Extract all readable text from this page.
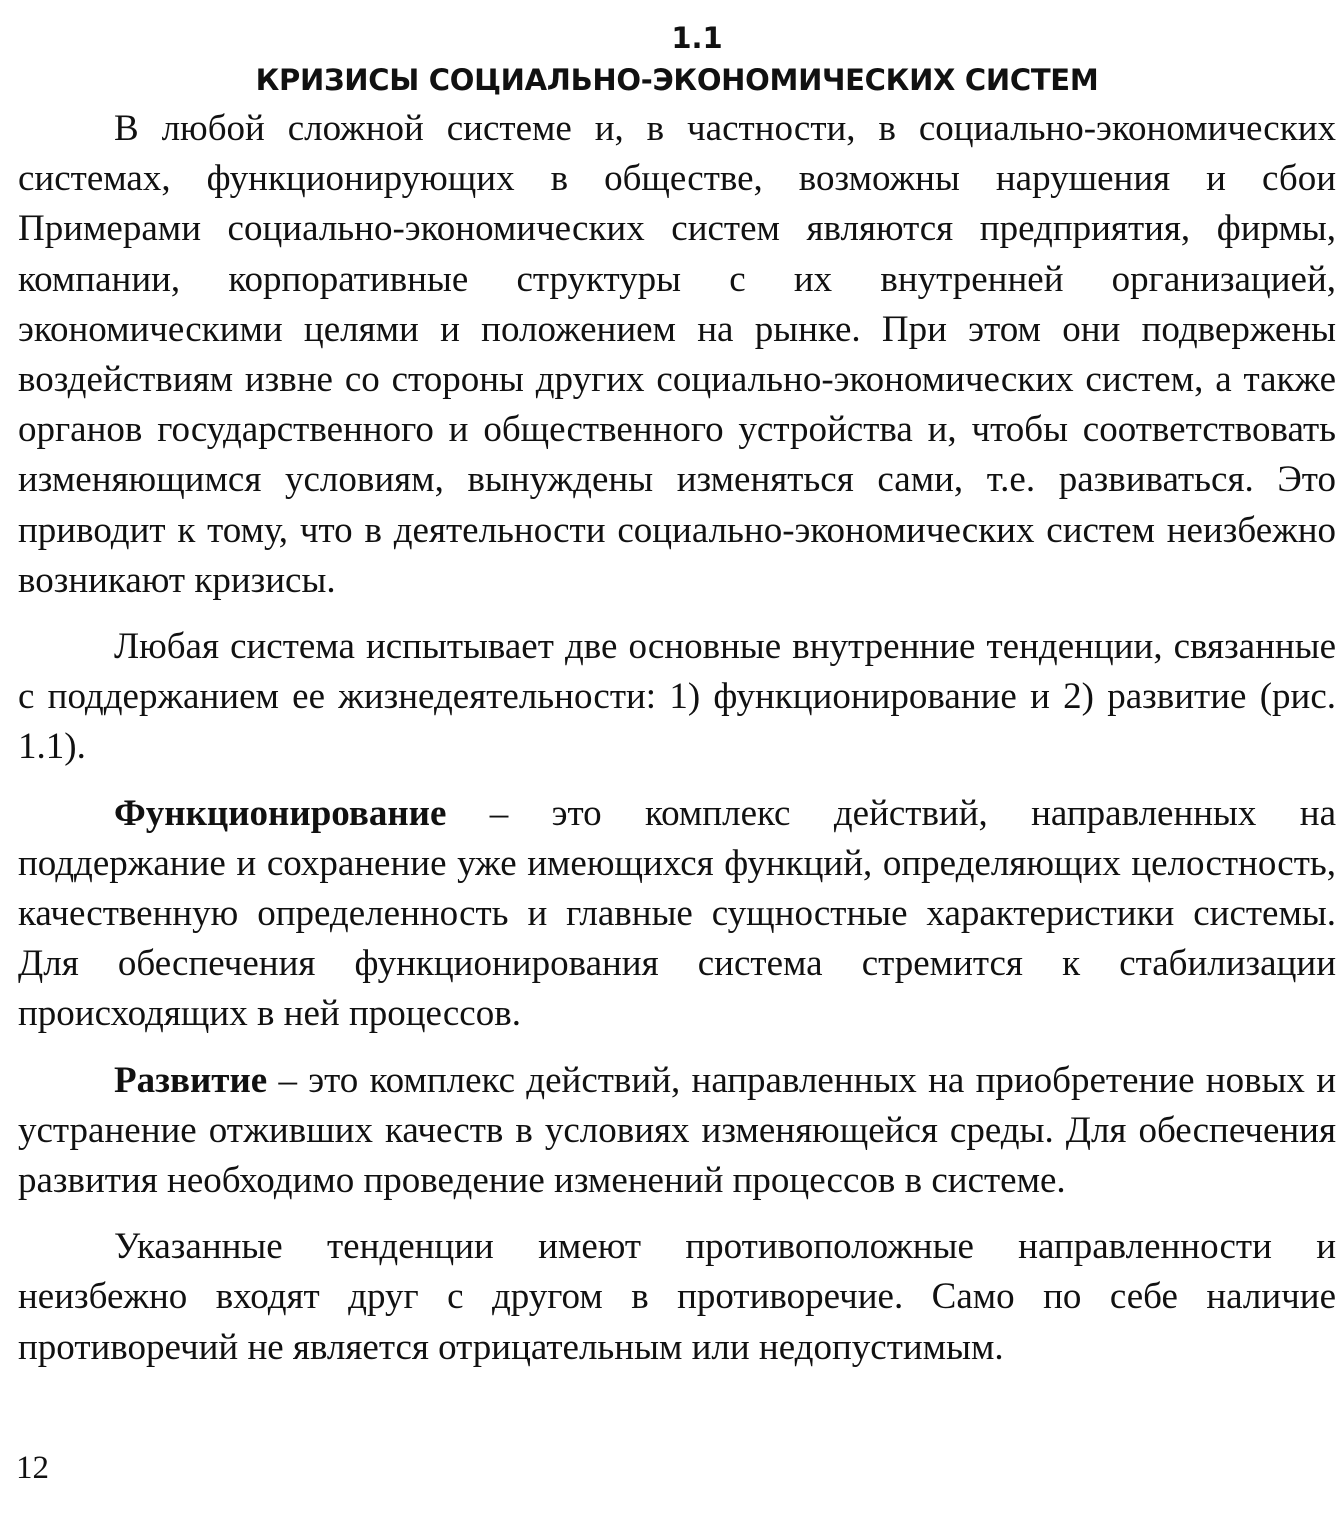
1.1
КРИЗИСЫ СОЦИАЛЬНО-ЭКОНОМИЧЕСКИХ СИСТЕМ

В любой сложной системе и, в частности, в социально-экономических системах, функционирующих в обществе, возможны нарушения и сбои Примерами социально-экономических систем являются предприятия, фирмы, компании, корпоративные структуры с их внутренней организацией, экономическими целями и положением на рынке. При этом они подвержены воздействиям извне со стороны других социально-экономических систем, а также органов государственного и общественного устройства и, чтобы соответствовать изменяющимся условиям, вынуждены изменяться сами, т.е. развиваться. Это приводит к тому, что в деятельности социально-экономических систем неизбежно возникают кризисы.

Любая система испытывает две основные внутренние тенденции, связанные с поддержанием ее жизнедеятельности: 1) функционирование и 2) развитие (рис. 1.1).

Функционирование – это комплекс действий, направленных на поддержание и сохранение уже имеющихся функций, определяющих целостность, качественную определенность и главные сущностные характеристики системы. Для обеспечения функционирования система стремится к стабилизации происходящих в ней процессов.

Развитие – это комплекс действий, направленных на приобретение новых и устранение отживших качеств в условиях изменяющейся среды. Для обеспечения развития необходимо проведение изменений процессов в системе.

Указанные тенденции имеют противоположные направленности и неизбежно входят друг с другом в противоречие. Само по себе наличие противоречий не является отрицательным или недопустимым.

12
